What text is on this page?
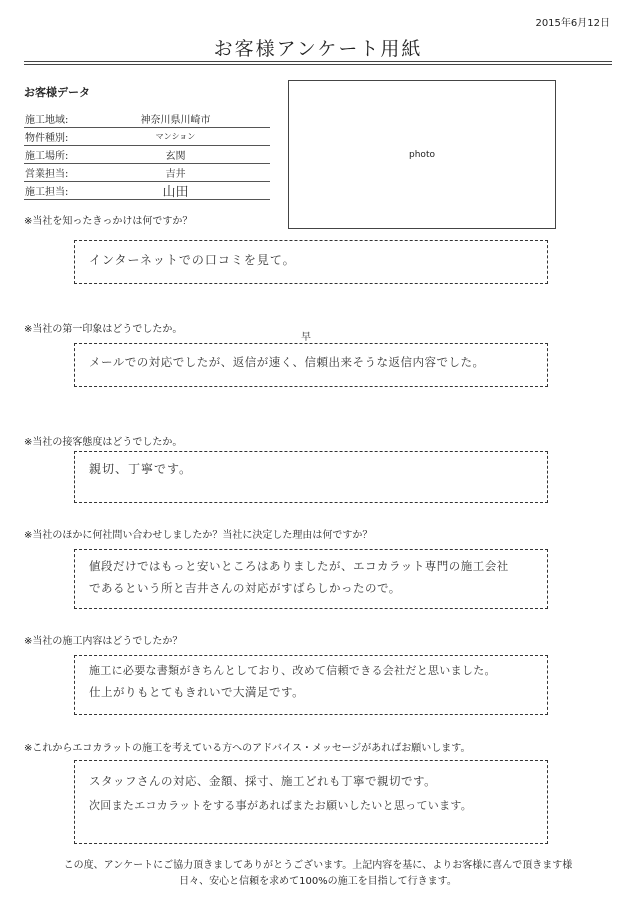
2015年6月12日
お客様アンケート用紙
お客様データ
施工地域:	神奈川県川崎市
物件種別:	マンション
施工場所:	玄関
営業担当:	吉井
施工担当:	山田
photo
※当社を知ったきっかけは何ですか？
インターネットでの口コミを見て。
※当社の第一印象はどうでしたか。
早
メールでの対応でしたが、返信が速く、信頼出来そうな返信内容でした。
※当社の接客態度はどうでしたか。
親切、丁寧です。
※当社のほかに何社問い合わせしましたか？当社に決定した理由は何ですか？
値段だけではもっと安いところはありましたが、エコカラット専門の施工会社
であるという所と吉井さんの対応がすばらしかったので。
※当社の施工内容はどうでしたか？
施工に必要な書類がきちんとしており、改めて信頼できる会社だと思いました。
仕上がりもとてもきれいで大満足です。
※これからエコカラットの施工を考えている方へのアドバイス・メッセージがあればお願いします。
スタッフさんの対応、金額、採寸、施工どれも丁寧で親切です。
次回またエコカラットをする事があればまたお願いしたいと思っています。
この度、アンケートにご協力頂きましてありがとうございます。上記内容を基に、よりお客様に喜んで頂きます様
日々、安心と信頼を求めて100%の施工を目指して行きます。
